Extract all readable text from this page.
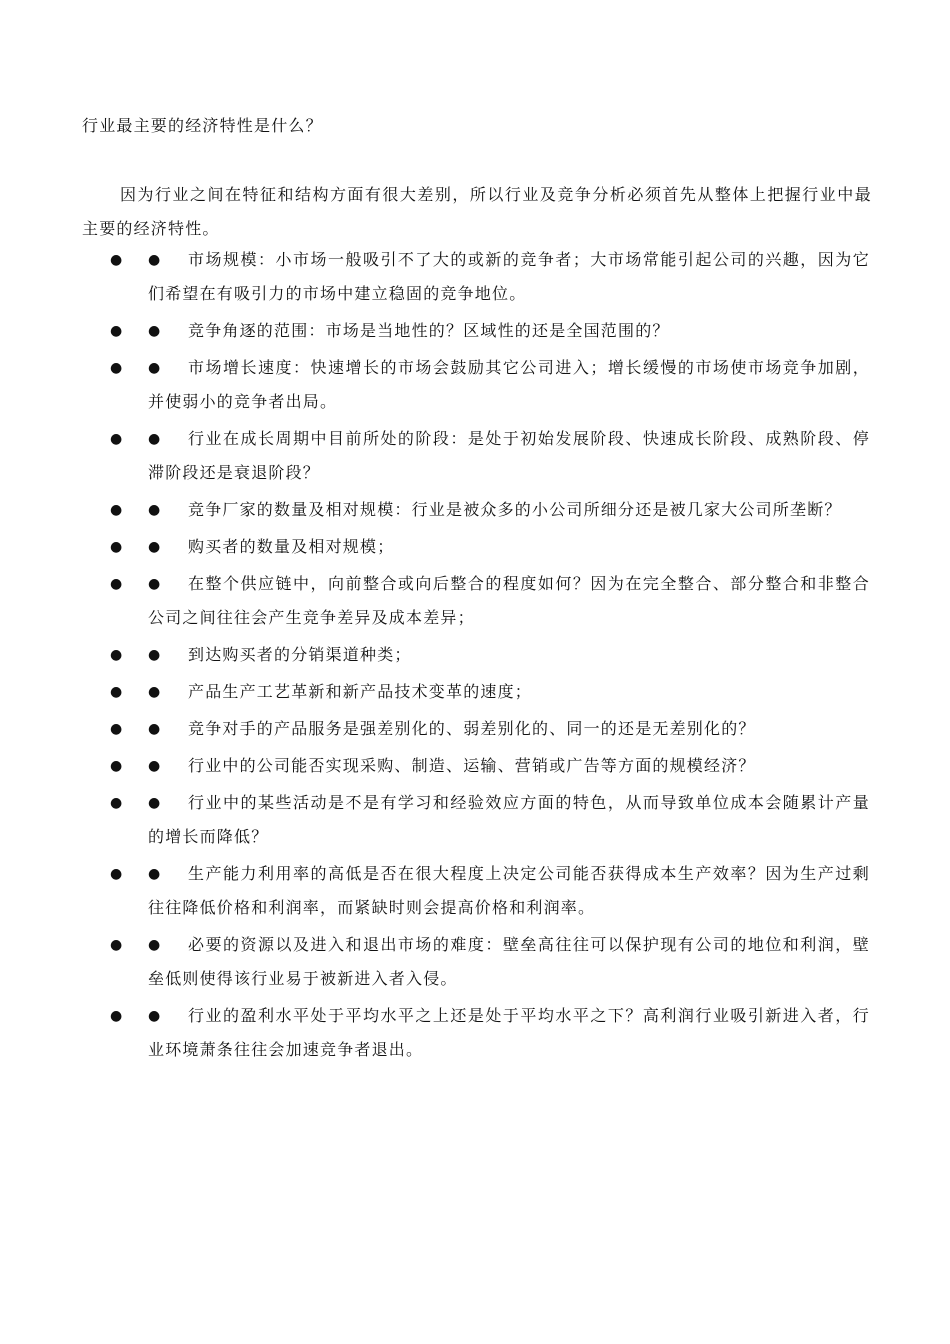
行业最主要的经济特性是什么？
因为行业之间在特征和结构方面有很大差别，所以行业及竞争分析必须首先从整体上把握行业中最主要的经济特性。
● ●	市场规模：小市场一般吸引不了大的或新的竞争者；大市场常能引起公司的兴趣，因为它们希望在有吸引力的市场中建立稳固的竞争地位。
● ●	竞争角逐的范围：市场是当地性的？区域性的还是全国范围的？
● ●	市场增长速度：快速增长的市场会鼓励其它公司进入；增长缓慢的市场使市场竞争加剧，并使弱小的竞争者出局。
● ●	行业在成长周期中目前所处的阶段：是处于初始发展阶段、快速成长阶段、成熟阶段、停滞阶段还是衰退阶段？
● ●	竞争厂家的数量及相对规模：行业是被众多的小公司所细分还是被几家大公司所垄断？
● ●	购买者的数量及相对规模；
● ●	在整个供应链中，向前整合或向后整合的程度如何？因为在完全整合、部分整合和非整合公司之间往往会产生竞争差异及成本差异；
● ●	到达购买者的分销渠道种类；
● ●	产品生产工艺革新和新产品技术变革的速度；
● ●	竞争对手的产品服务是强差别化的、弱差别化的、同一的还是无差别化的？
● ●	行业中的公司能否实现采购、制造、运输、营销或广告等方面的规模经济？
● ●	行业中的某些活动是不是有学习和经验效应方面的特色，从而导致单位成本会随累计产量的增长而降低？
● ●	生产能力利用率的高低是否在很大程度上决定公司能否获得成本生产效率？因为生产过剩往往降低价格和利润率，而紧缺时则会提高价格和利润率。
● ●	必要的资源以及进入和退出市场的难度：壁垒高往往可以保护现有公司的地位和利润，壁垒低则使得该行业易于被新进入者入侵。
● ●	行业的盈利水平处于平均水平之上还是处于平均水平之下？高利润行业吸引新进入者，行业环境萧条往往会加速竞争者退出。
